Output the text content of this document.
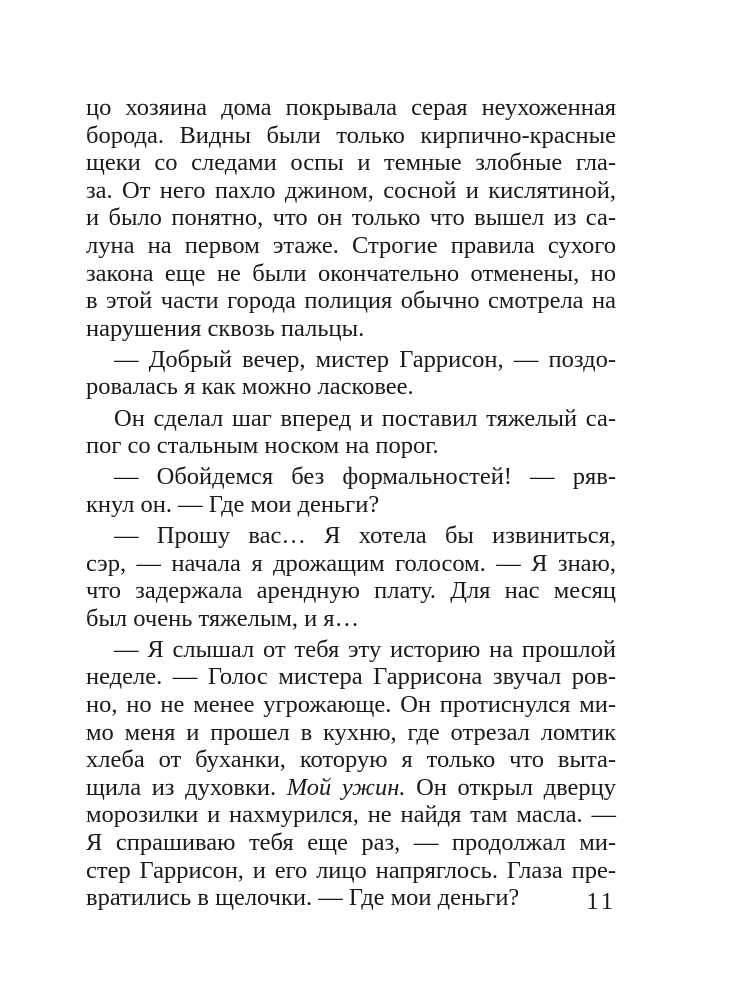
цо хозяина дома покрывала серая неухоженная
борода. Видны были только кирпично-красные
щеки со следами оспы и темные злобные гла-
за. От него пахло джином, сосной и кислятиной,
и было понятно, что он только что вышел из са-
луна на первом этаже. Строгие правила сухого
закона еще не были окончательно отменены, но
в этой части города полиция обычно смотрела на
нарушения сквозь пальцы.
— Добрый вечер, мистер Гаррисон, — поздо-
ровалась я как можно ласковее.
Он сделал шаг вперед и поставил тяжелый са-
пог со стальным носком на порог.
— Обойдемся без формальностей! — ряв-
кнул он. — Где мои деньги?
— Прошу вас… Я хотела бы извиниться,
сэр, — начала я дрожащим голосом. — Я знаю,
что задержала арендную плату. Для нас месяц
был очень тяжелым, и я…
— Я слышал от тебя эту историю на прошлой
неделе. — Голос мистера Гаррисона звучал ров-
но, но не менее угрожающе. Он протиснулся ми-
мо меня и прошел в кухню, где отрезал ломтик
хлеба от буханки, которую я только что выта-
щила из духовки. Мой ужин. Он открыл дверцу
морозилки и нахмурился, не найдя там масла. —
Я спрашиваю тебя еще раз, — продолжал ми-
стер Гаррисон, и его лицо напряглось. Глаза пре-
вратились в щелочки. — Где мои деньги?	11
